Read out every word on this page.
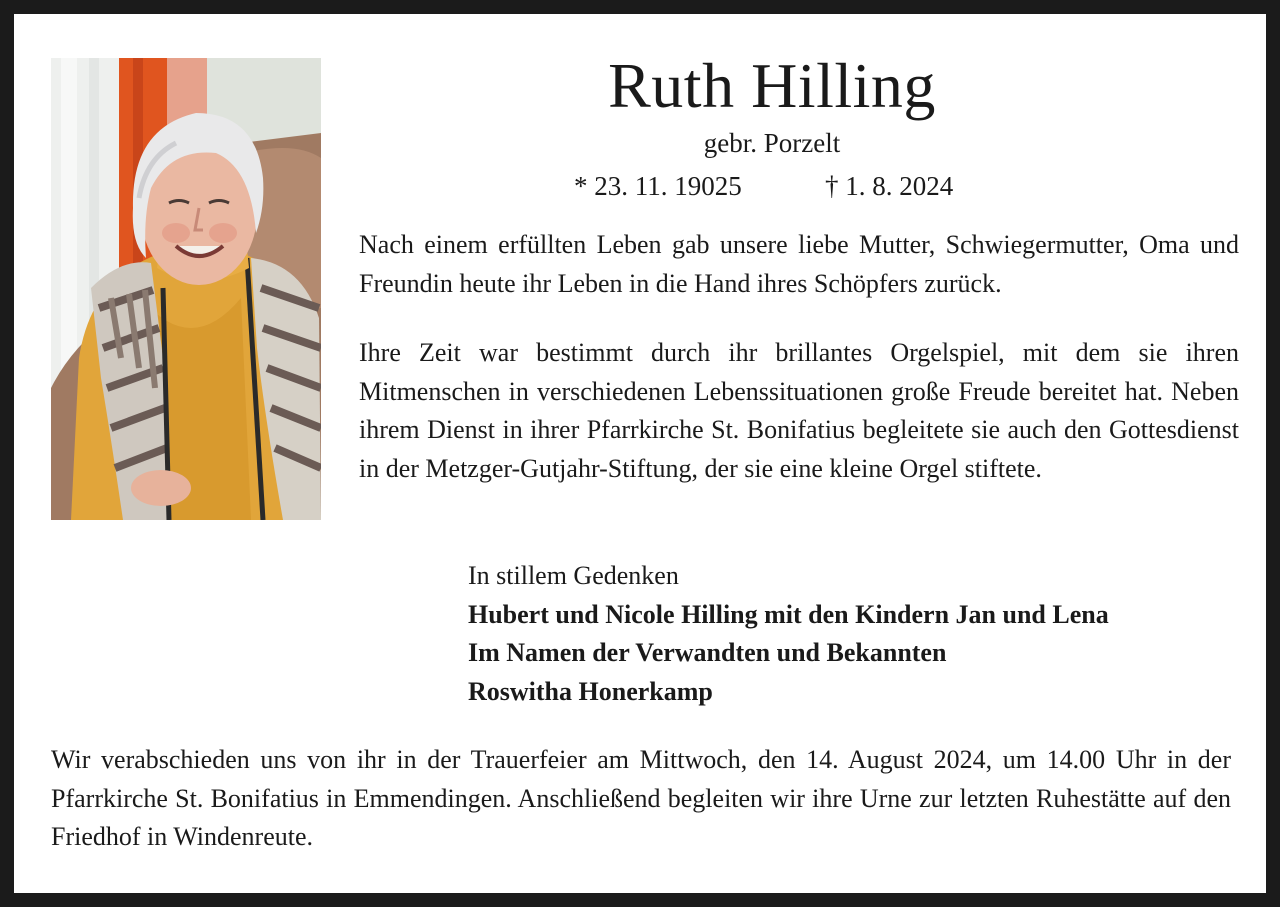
Ruth Hilling
gebr. Porzelt
* 23. 11. 19025	† 1. 8. 2024

Nach einem erfüllten Leben gab unsere liebe Mutter, Schwiegermutter, Oma und Freundin heute ihr Leben in die Hand ihres Schöpfers zurück.

Ihre Zeit war bestimmt durch ihr brillantes Orgelspiel, mit dem sie ihren Mitmenschen in verschiedenen Lebenssituationen große Freude bereitet hat. Neben ihrem Dienst in ihrer Pfarrkirche St. Bonifatius begleitete sie auch den Gottesdienst in der Metzger-Gutjahr-Stiftung, der sie eine kleine Orgel stiftete.

In stillem Gedenken
Hubert und Nicole Hilling mit den Kindern Jan und Lena
Im Namen der Verwandten und Bekannten
Roswitha Honerkamp

Wir verabschieden uns von ihr in der Trauerfeier am Mittwoch, den 14. August 2024, um 14.00 Uhr in der Pfarrkirche St. Bonifatius in Emmendingen. Anschließend begleiten wir ihre Urne zur letzten Ruhestätte auf den Friedhof in Windenreute.
